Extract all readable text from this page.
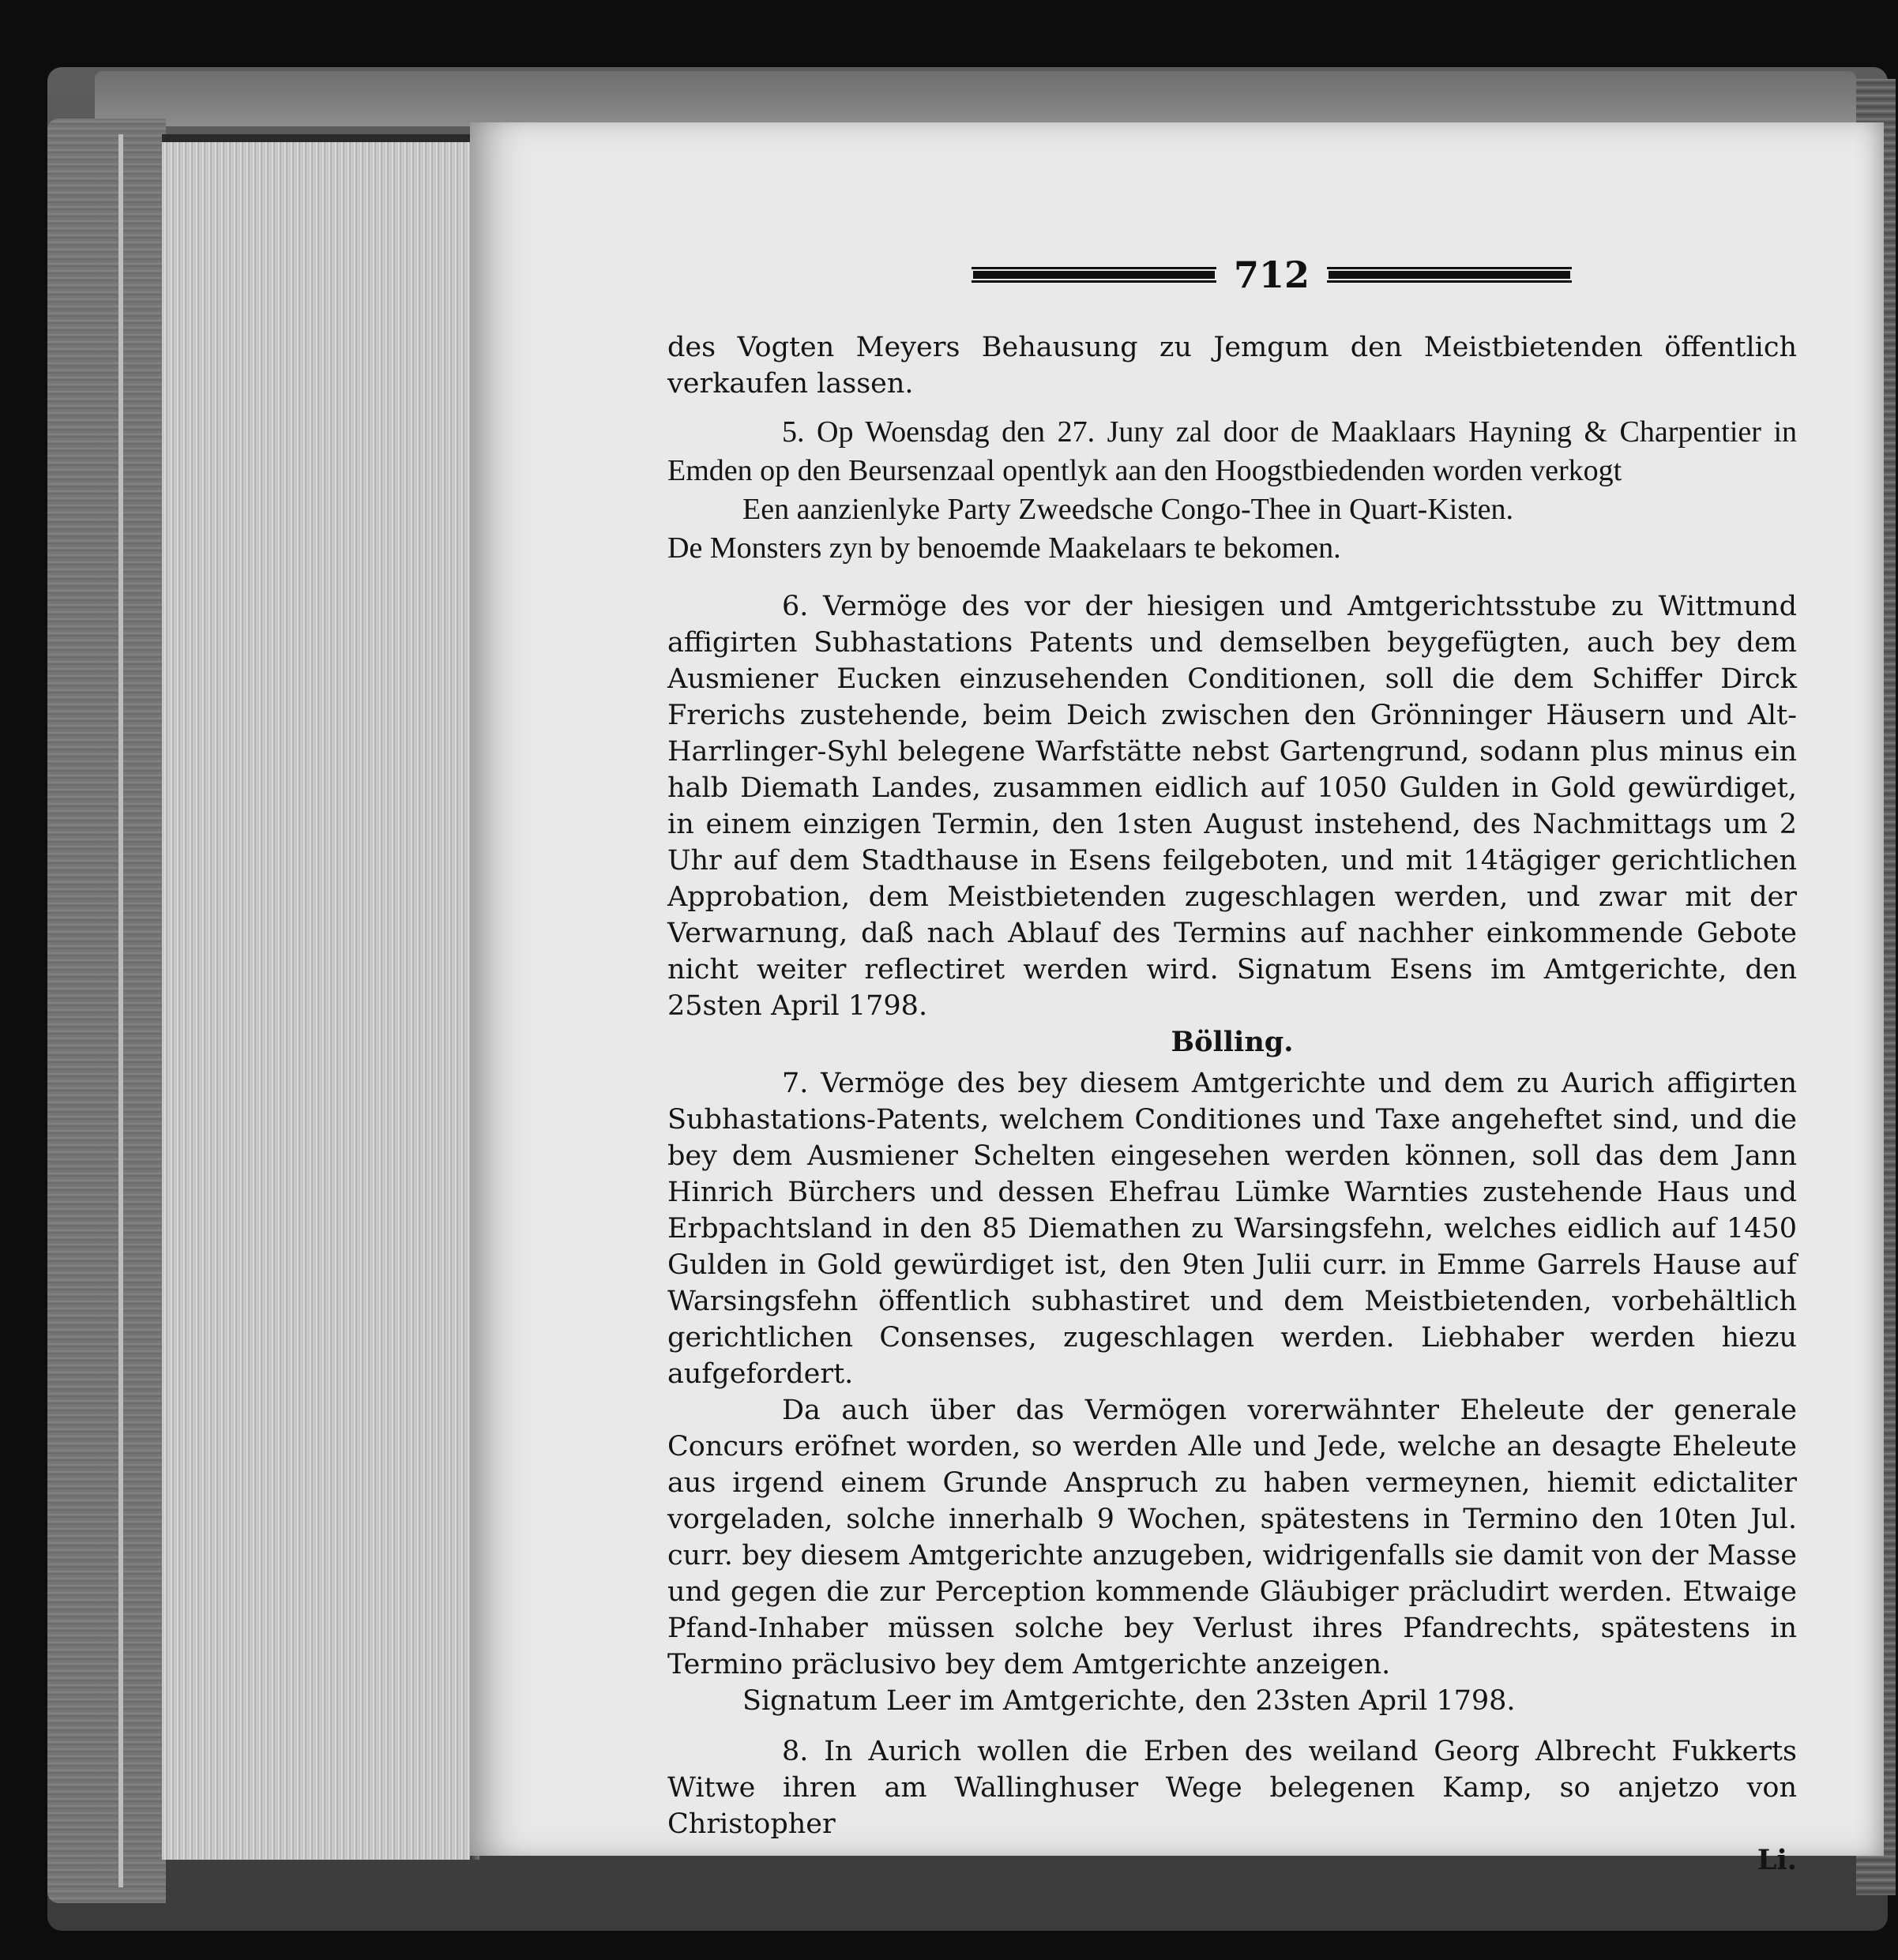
712

des Vogten Meyers Behausung zu Jemgum den Meistbietenden öffentlich verkaufen lassen.

5. Op Woensdag den 27. Juny zal door de Maaklaars Hayning & Charpentier in Emden op den Beursenzaal opentlyk aan den Hoogstbiedenden worden verkogt

Een aanzienlyke Party Zweedsche Congo-Thee in Quart-Kisten.

De Monsters zyn by benoemde Maakelaars te bekomen.

6. Vermöge des vor der hiesigen und Amtgerichtsstube zu Wittmund affigirten Subhastations Patents und demselben beygefügten, auch bey dem Ausmiener Eucken einzusehenden Conditionen, soll die dem Schiffer Dirck Frerichs zustehende, beim Deich zwischen den Grönninger Häusern und Alt-Harrlinger-Syhl belegene Warfstätte nebst Gartengrund, sodann plus minus ein halb Diemath Landes, zusammen eidlich auf 1050 Gulden in Gold gewürdiget, in einem einzigen Termin, den 1sten August instehend, des Nachmittags um 2 Uhr auf dem Stadthause in Esens feilgeboten, und mit 14tägiger gerichtlichen Approbation, dem Meistbietenden zugeschlagen werden, und zwar mit der Verwarnung, daß nach Ablauf des Termins auf nachher einkommende Gebote nicht weiter reflectiret werden wird. Signatum Esens im Amtgerichte, den 25sten April 1798.

Bölling.

7. Vermöge des bey diesem Amtgerichte und dem zu Aurich affigirten Subhastations-Patents, welchem Conditiones und Taxe angeheftet sind, und die bey dem Ausmiener Schelten eingesehen werden können, soll das dem Jann Hinrich Bürchers und dessen Ehefrau Lümke Warnties zustehende Haus und Erbpachtsland in den 85 Diemathen zu Warsingsfehn, welches eidlich auf 1450 Gulden in Gold gewürdiget ist, den 9ten Julii curr. in Emme Garrels Hause auf Warsingsfehn öffentlich subhastiret und dem Meistbietenden, vorbehältlich gerichtlichen Consenses, zugeschlagen werden. Liebhaber werden hiezu aufgefordert.

Da auch über das Vermögen vorerwähnter Eheleute der generale Concurs eröfnet worden, so werden Alle und Jede, welche an desagte Eheleute aus irgend einem Grunde Anspruch zu haben vermeynen, hiemit edictaliter vorgeladen, solche innerhalb 9 Wochen, spätestens in Termino den 10ten Jul. curr. bey diesem Amtgerichte anzugeben, widrigenfalls sie damit von der Masse und gegen die zur Perception kommende Gläubiger präcludirt werden. Etwaige Pfand-Inhaber müssen solche bey Verlust ihres Pfandrechts, spätestens in Termino präclusivo bey dem Amtgerichte anzeigen.

Signatum Leer im Amtgerichte, den 23sten April 1798.

8. In Aurich wollen die Erben des weiland Georg Albrecht Fukkerts Witwe ihren am Wallinghuser Wege belegenen Kamp, so anjetzo von Christopher

Li.
